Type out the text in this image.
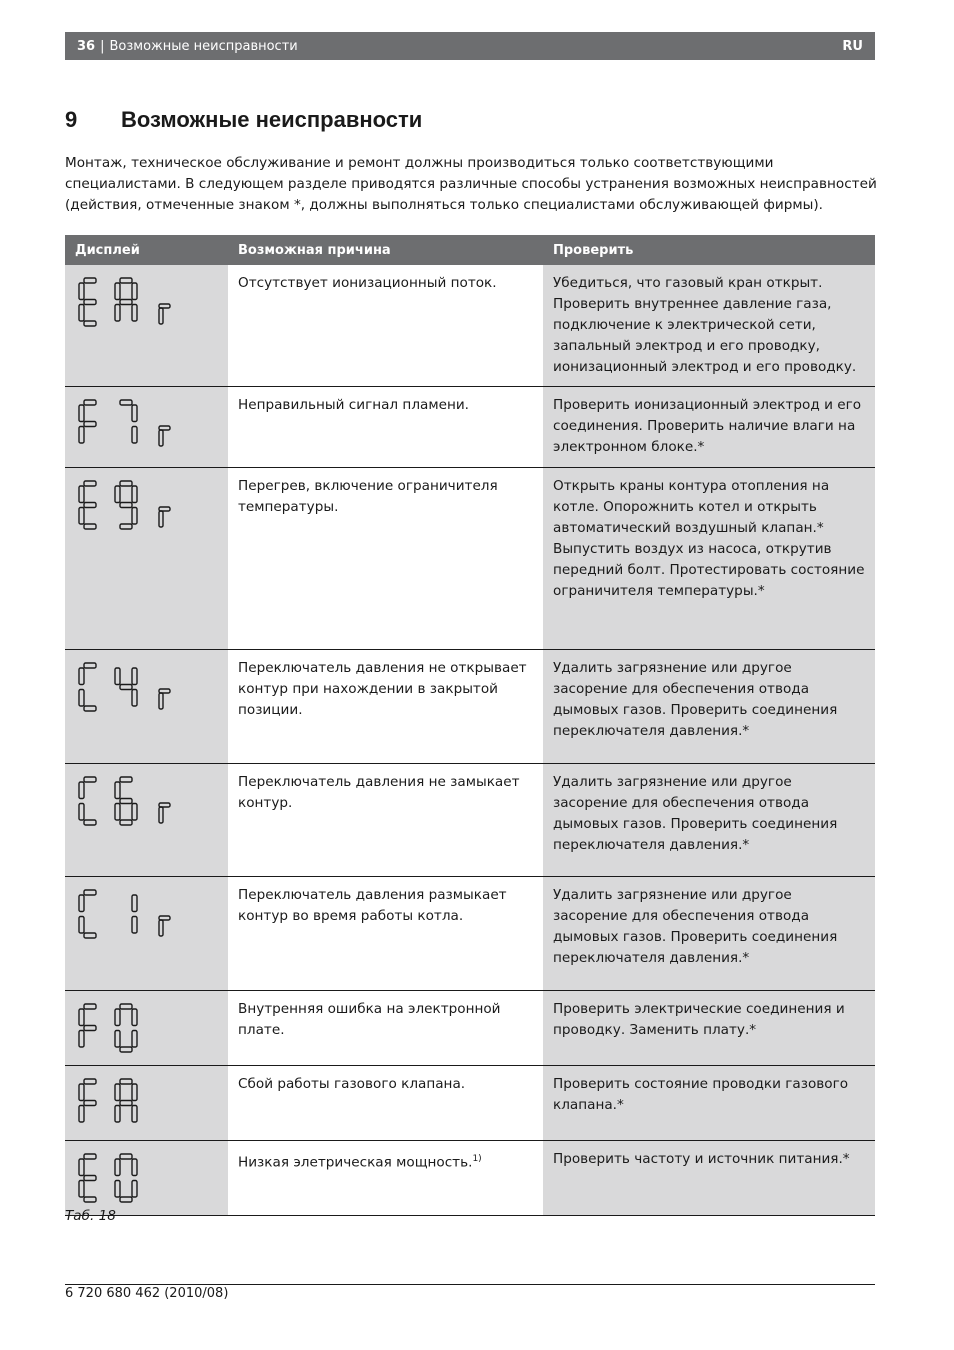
36 | Возможные неисправности	RU
9 Возможные неисправности
Монтаж, техническое обслуживание и ремонт должны производиться только соответствующими специалистами. В следующем разделе приводятся различные способы устранения возможных неисправностей (действия, отмеченные знаком *, должны выполняться только специалистами обслуживающей фирмы).
Дисплей	Возможная причина	Проверить

	Отсутствует ионизационный поток.	Убедиться, что газовый кран открыт. Проверить внутреннее давление газа, подключение к электрической сети, запальный электрод и его проводку, ионизационный электрод и его проводку.

	Неправильный сигнал пламени.	Проверить ионизационный электрод и его соединения. Проверить наличие влаги на электронном блоке.*

	Перегрев, включение ограничителя температуры.	Открыть краны контура отопления на котле. Опорожнить котел и открыть автоматический воздушный клапан.* Выпустить воздух из насоса, открутив передний болт. Протестировать состояние ограничителя температуры.*

	Переключатель давления не открывает контур при нахождении в закрытой позиции.	Удалить загрязнение или другое засорение для обеспечения отвода дымовых газов. Проверить соединения переключателя давления.*

	Переключатель давления не замыкает контур.	Удалить загрязнение или другое засорение для обеспечения отвода дымовых газов. Проверить соединения переключателя давления.*

	Переключатель давления размыкает контур во время работы котла.	Удалить загрязнение или другое засорение для обеспечения отвода дымовых газов. Проверить соединения переключателя давления.*

	Внутренняя ошибка на электронной плате.	Проверить электрические соединения и проводку. Заменить плату.*

	Сбой работы газового клапана.	Проверить состояние проводки газового клапана.*

	Низкая элетрическая мощность.$^{1)}$	Проверить частоту и источник питания.*
Таб. 18
6 720 680 462 (2010/08)
